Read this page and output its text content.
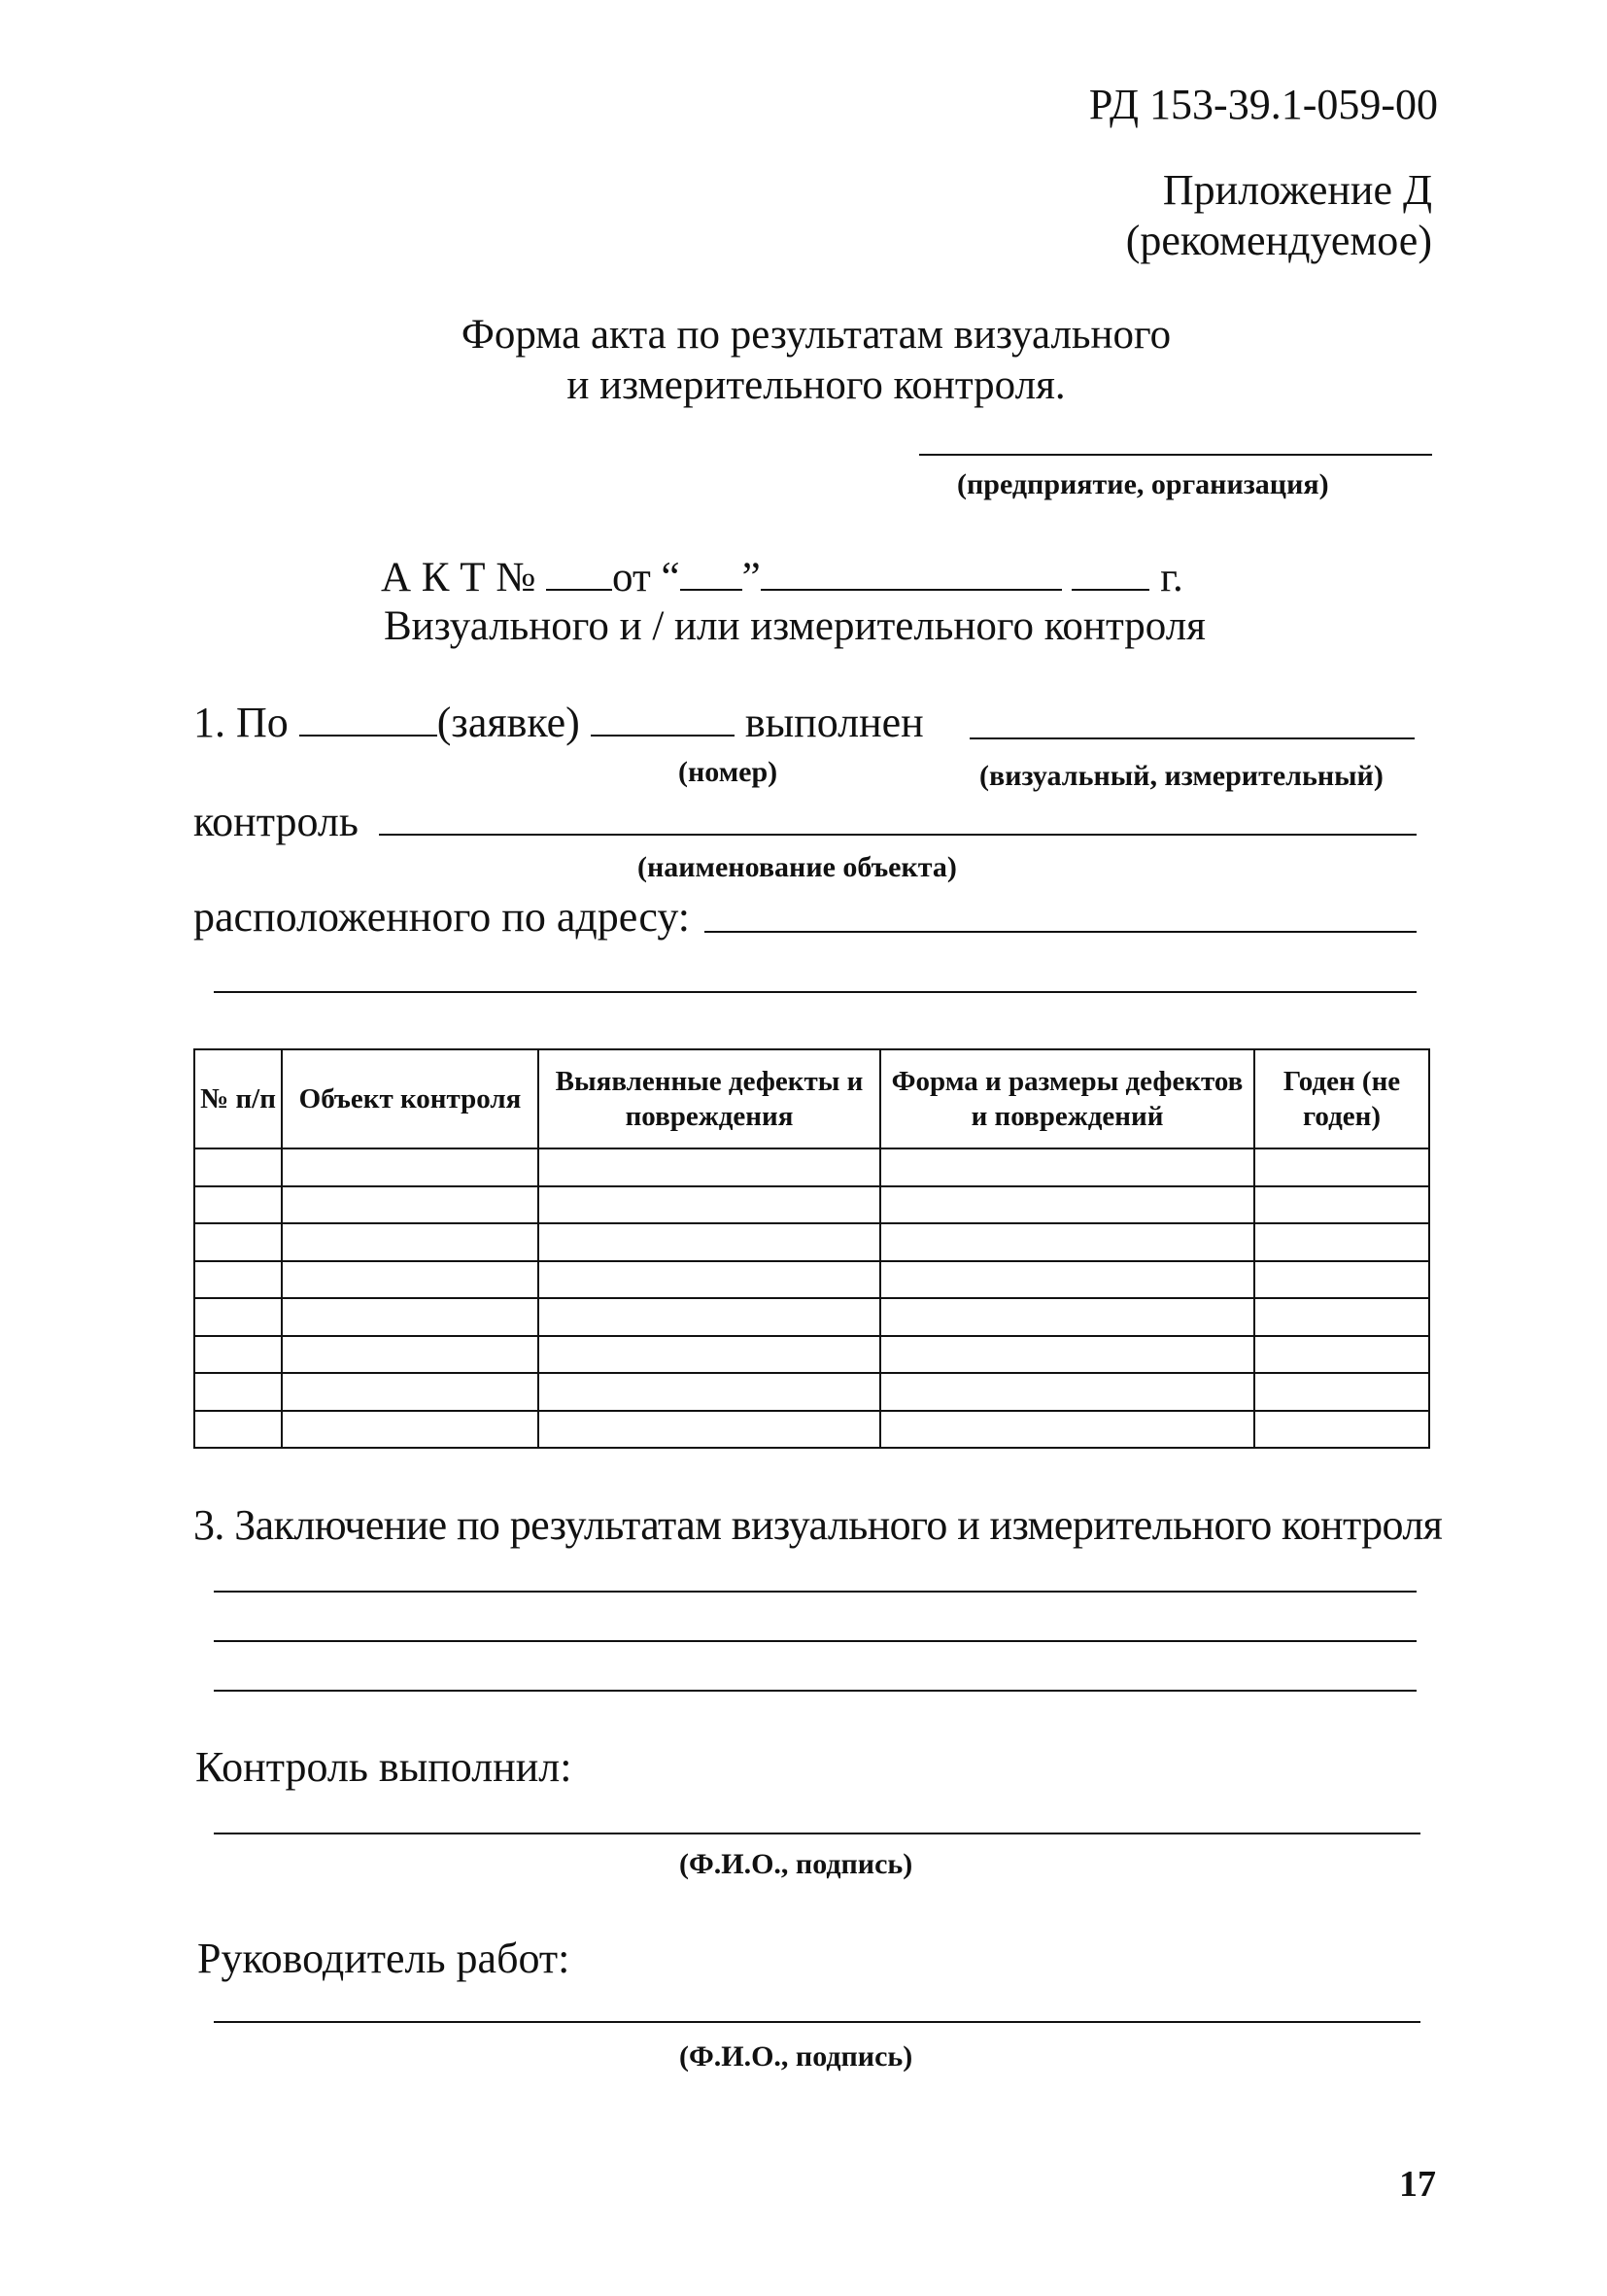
РД 153-39.1-059-00
Приложение Д
(рекомендуемое)
Форма акта по результатам визуального
и измерительного контроля.
(предприятие, организация)
А К Т № от “ ”	г.
Визуального и / или измерительного контроля
1. По	(заявке)	выполнен
(номер)	(визуальный, измерительный)
контроль
(наименование объекта)
расположенного по адресу:
№ п/п	Объект контроля	Выявленные дефекты и повреждения	Форма и размеры дефектов и повреждений	Годен (не годен)

3. Заключение по результатам визуального и измерительного контроля
Контроль выполнил:
(Ф.И.О., подпись)
Руководитель работ:
(Ф.И.О., подпись)
17
